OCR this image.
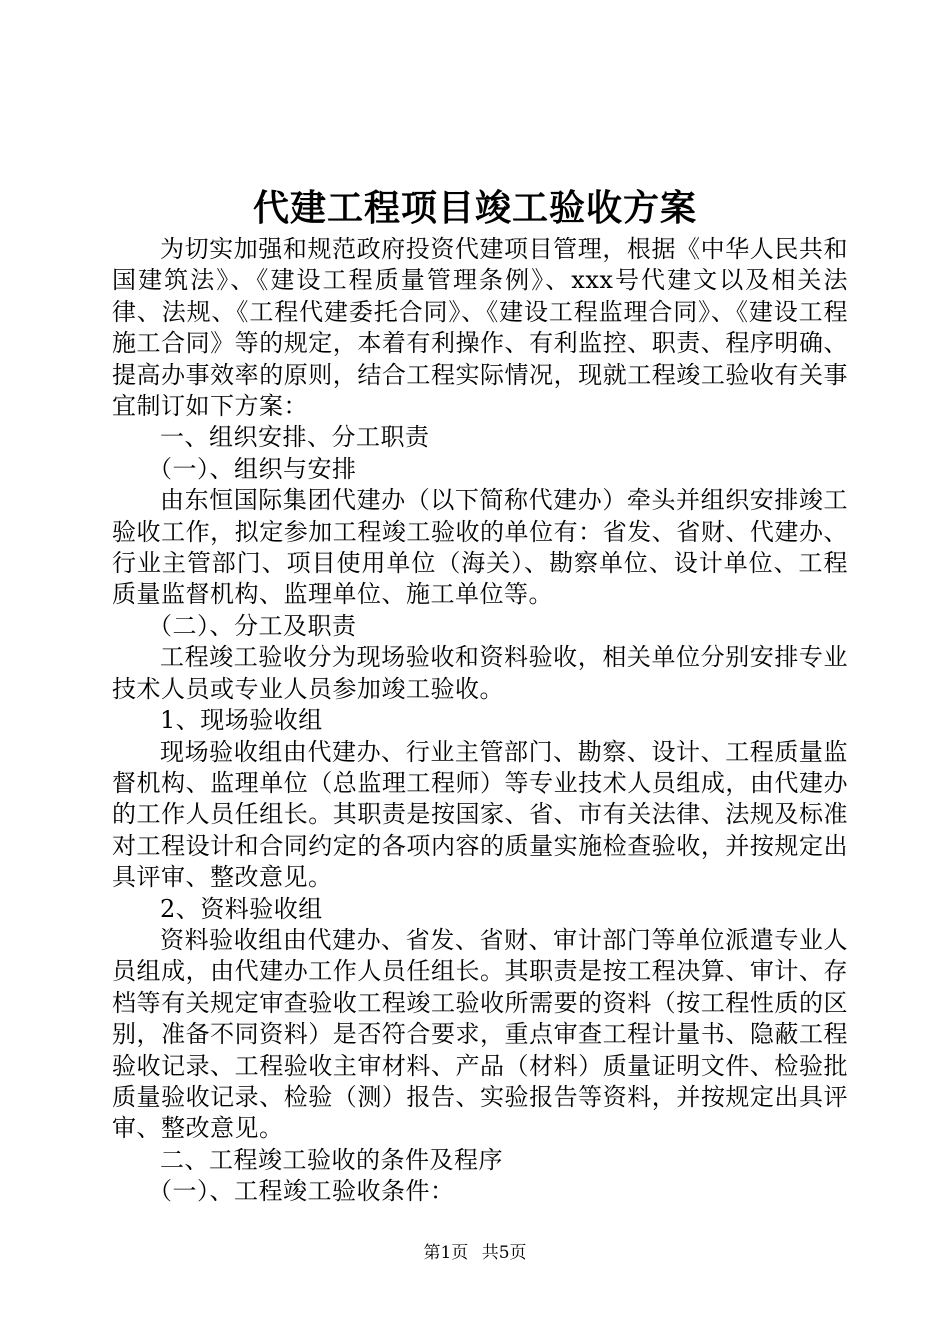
代建工程项目竣工验收方案

为切实加强和规范政府投资代建项目管理，根据《中华人民共和国建筑法》、《建设工程质量管理条例》、xxx号代建文以及相关法律、法规、《工程代建委托合同》、《建设工程监理合同》、《建设工程施工合同》等的规定，本着有利操作、有利监控、职责、程序明确、提高办事效率的原则，结合工程实际情况，现就工程竣工验收有关事宜制订如下方案：

一、组织安排、分工职责

（一）、组织与安排

由东恒国际集团代建办（以下简称代建办）牵头并组织安排竣工验收工作，拟定参加工程竣工验收的单位有：省发、省财、代建办、行业主管部门、项目使用单位（海关）、勘察单位、设计单位、工程质量监督机构、监理单位、施工单位等。

（二）、分工及职责

工程竣工验收分为现场验收和资料验收，相关单位分别安排专业技术人员或专业人员参加竣工验收。

1、现场验收组

现场验收组由代建办、行业主管部门、勘察、设计、工程质量监督机构、监理单位（总监理工程师）等专业技术人员组成，由代建办的工作人员任组长。其职责是按国家、省、市有关法律、法规及标准对工程设计和合同约定的各项内容的质量实施检查验收，并按规定出具评审、整改意见。

2、资料验收组

资料验收组由代建办、省发、省财、审计部门等单位派遣专业人员组成，由代建办工作人员任组长。其职责是按工程决算、审计、存档等有关规定审查验收工程竣工验收所需要的资料（按工程性质的区别，准备不同资料）是否符合要求，重点审查工程计量书、隐蔽工程验收记录、工程验收主审材料、产品（材料）质量证明文件、检验批质量验收记录、检验（测）报告、实验报告等资料，并按规定出具评审、整改意见。

二、工程竣工验收的条件及程序

（一）、工程竣工验收条件：

第1页 共5页
